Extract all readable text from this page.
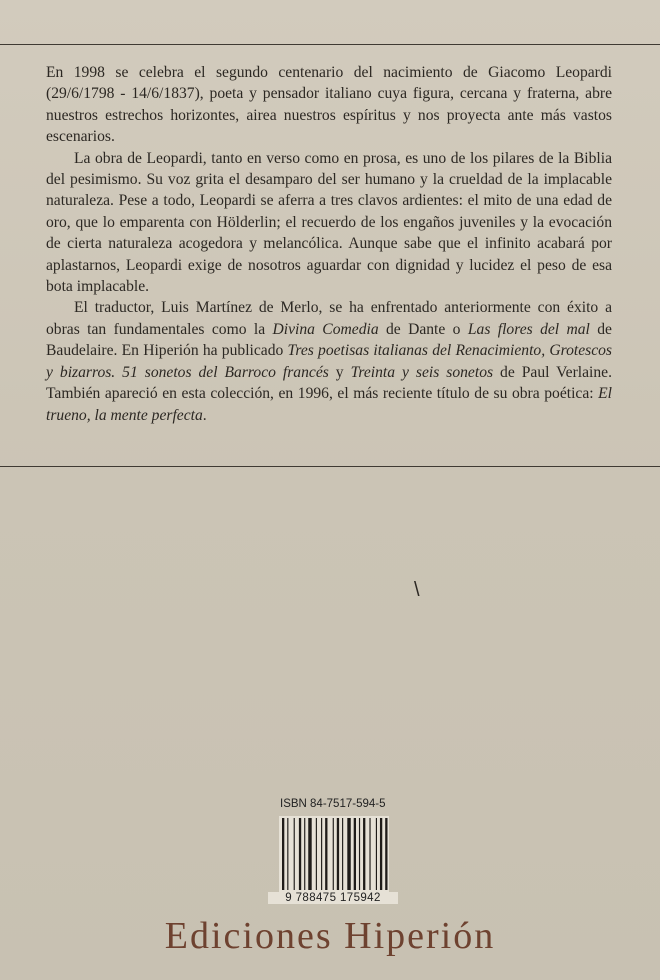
En 1998 se celebra el segundo centenario del nacimiento de Giacomo Leopardi (29/6/1798 - 14/6/1837), poeta y pensador italiano cuya figura, cercana y fraterna, abre nuestros estrechos horizontes, airea nuestros espíritus y nos proyecta ante más vastos escenarios.

La obra de Leopardi, tanto en verso como en prosa, es uno de los pilares de la Biblia del pesimismo. Su voz grita el desamparo del ser humano y la crueldad de la implacable naturaleza. Pese a todo, Leopardi se aferra a tres clavos ardientes: el mito de una edad de oro, que lo emparenta con Hölderlin; el recuerdo de los engaños juveniles y la evocación de cierta naturaleza acogedora y melancólica. Aunque sabe que el infinito acabará por aplastarnos, Leopardi exige de nosotros aguardar con dignidad y lucidez el peso de esa bota implacable.

El traductor, Luis Martínez de Merlo, se ha enfrentado anteriormente con éxito a obras tan fundamentales como la Divina Comedia de Dante o Las flores del mal de Baudelaire. En Hiperión ha publicado Tres poetisas italianas del Renacimiento, Grotescos y bizarros. 51 sonetos del Barroco francés y Treinta y seis sonetos de Paul Verlaine. También apareció en esta colección, en 1996, el más reciente título de su obra poética: El trueno, la mente perfecta.

\
ISBN 84-7517-594-5
9 788475 175942
Ediciones Hiperión
